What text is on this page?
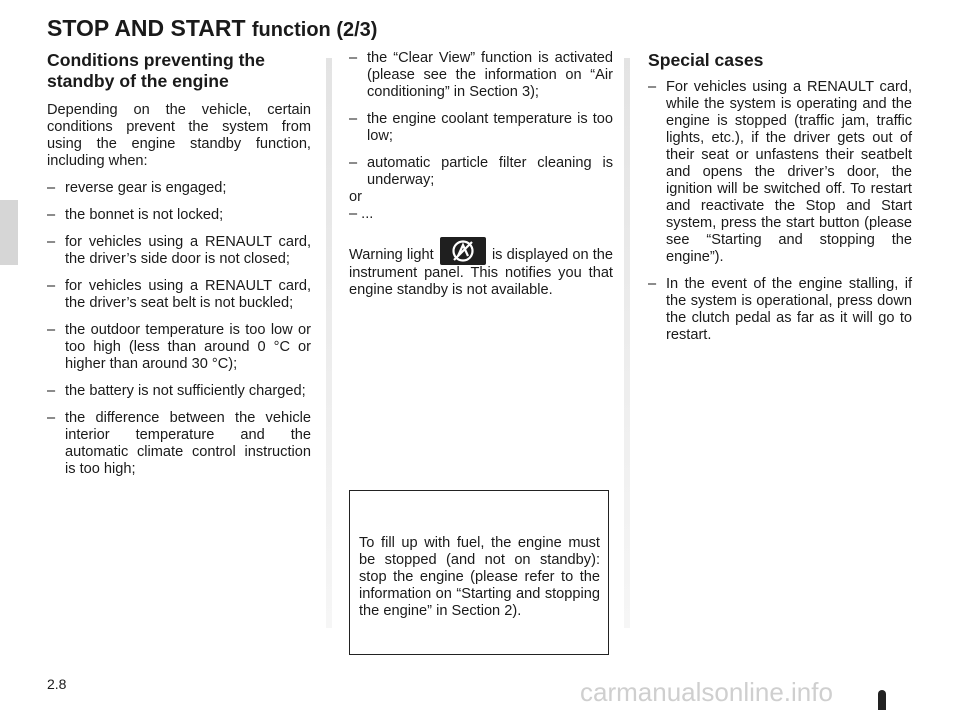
STOP AND START function (2/3)
Conditions preventing the standby of the engine

Depending on the vehicle, certain conditions prevent the system from using the engine standby function, including when:

– reverse gear is engaged;
– the bonnet is not locked;
– for vehicles using a RENAULT card, the driver’s side door is not closed;
– for vehicles using a RENAULT card, the driver’s seat belt is not buckled;
– the outdoor temperature is too low or too high (less than around 0 °C or higher than around 30 °C);
– the battery is not sufficiently charged;
– the difference between the vehicle interior temperature and the automatic climate control instruction is too high;
– the “Clear View” function is activated (please see the information on “Air conditioning” in Section 3);
– the engine coolant temperature is too low;
– automatic particle filter cleaning is underway;

or

– ...

Warning light	is displayed on the instrument panel. This notifies you that engine standby is not available.

To fill up with fuel, the engine must be stopped (and not on standby): stop the engine (please refer to the information on “Starting and stopping the engine” in Section 2).
Special cases
– For vehicles using a RENAULT card, while the system is operating and the engine is stopped (traffic jam, traffic lights, etc.), if the driver gets out of their seat or unfastens their seatbelt and opens the driver’s door, the ignition will be switched off. To restart and reactivate the Stop and Start system, press the start button (please see “Starting and stopping the engine”).
– In the event of the engine stalling, if the system is operational, press down the clutch pedal as far as it will go to restart.
2.8	carmanualsonline.info
